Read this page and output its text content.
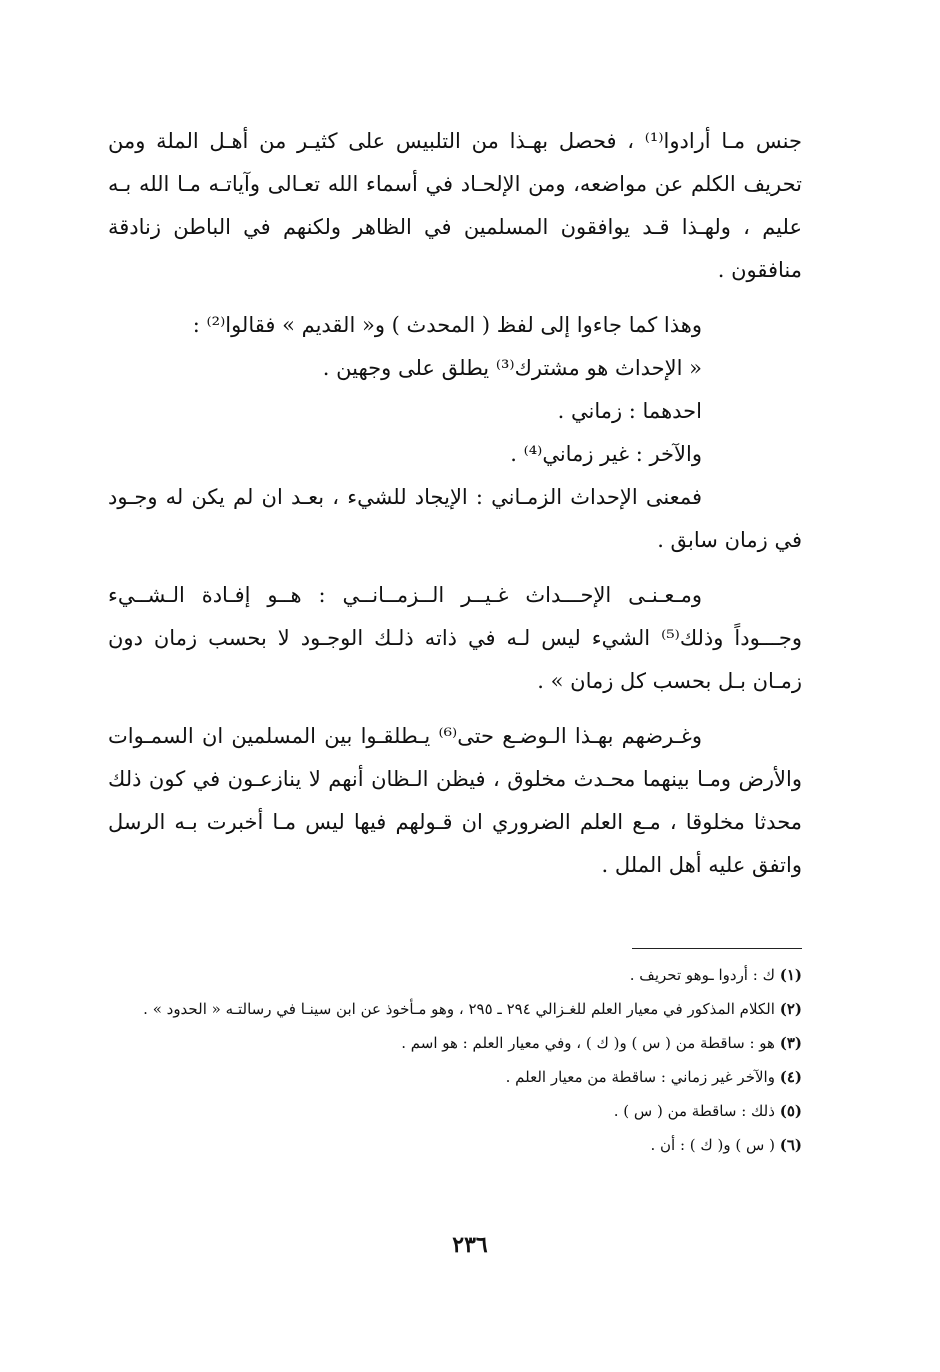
جنس مـا أرادوا⁽¹⁾ ، فحصل بهـذا من التلبيس على كثيـر من أهـل الملة ومن تحريف الكلم عن مواضعه، ومن الإلحـاد في أسماء الله تعـالى وآياتـه مـا الله بـه عليم ، ولهـذا قـد يوافقون المسلمين في الظاهر ولكنهم في الباطن زنادقة منافقون .

وهذا كما جاءوا إلى لفظ ( المحدث ) و« القديم » فقالوا⁽²⁾ :

« الإحداث هو مشترك⁽³⁾ يطلق على وجهين .

احدهما : زماني .

والآخر : غير زماني⁽⁴⁾ .

فمعنى الإحداث الزمـاني : الإيجاد للشيء ، بعـد ان لم يكن له وجـود في زمان سابق .

ومـعـنـى الإحـــداث غـيــر الــزمــانــي : هــو إفـادة الـشــيء وجـــوداً وذلك⁽⁵⁾ الشيء ليس لـه في ذاته ذلـك الوجـود لا بحسب زمان دون زمـان بـل بحسب كل زمان » .

وغـرضهم بهـذا الـوضـع حتى⁽⁶⁾ يـطلقـوا بين المسلمين ان السمـوات والأرض ومـا بينهما محـدث مخلوق ، فيظن الـظان أنهم لا ينازعـون في كون ذلك محدثا مخلوقا ، مـع العلم الضروري ان قـولهم فيها ليس مـا أخبرت بـه الرسل واتفق عليه أهل الملل .

(١) ك : أردوا ـوهو تحريف .

(٢) الكلام المذكور في معيار العلم للغـزالي ٢٩٤ ـ ٢٩٥ ، وهو مـأخوذ عن ابن سينـا في رسالتـه « الحدود » .

(٣) هو : ساقطة من ( س ) و( ك ) ، وفي معيار العلم : هو اسم .

(٤) والآخر غير زماني : ساقطة من معيار العلم .

(٥) ذلك : ساقطة من ( س ) .

(٦) ( س ) و( ك ) : أن .

٢٣٦
